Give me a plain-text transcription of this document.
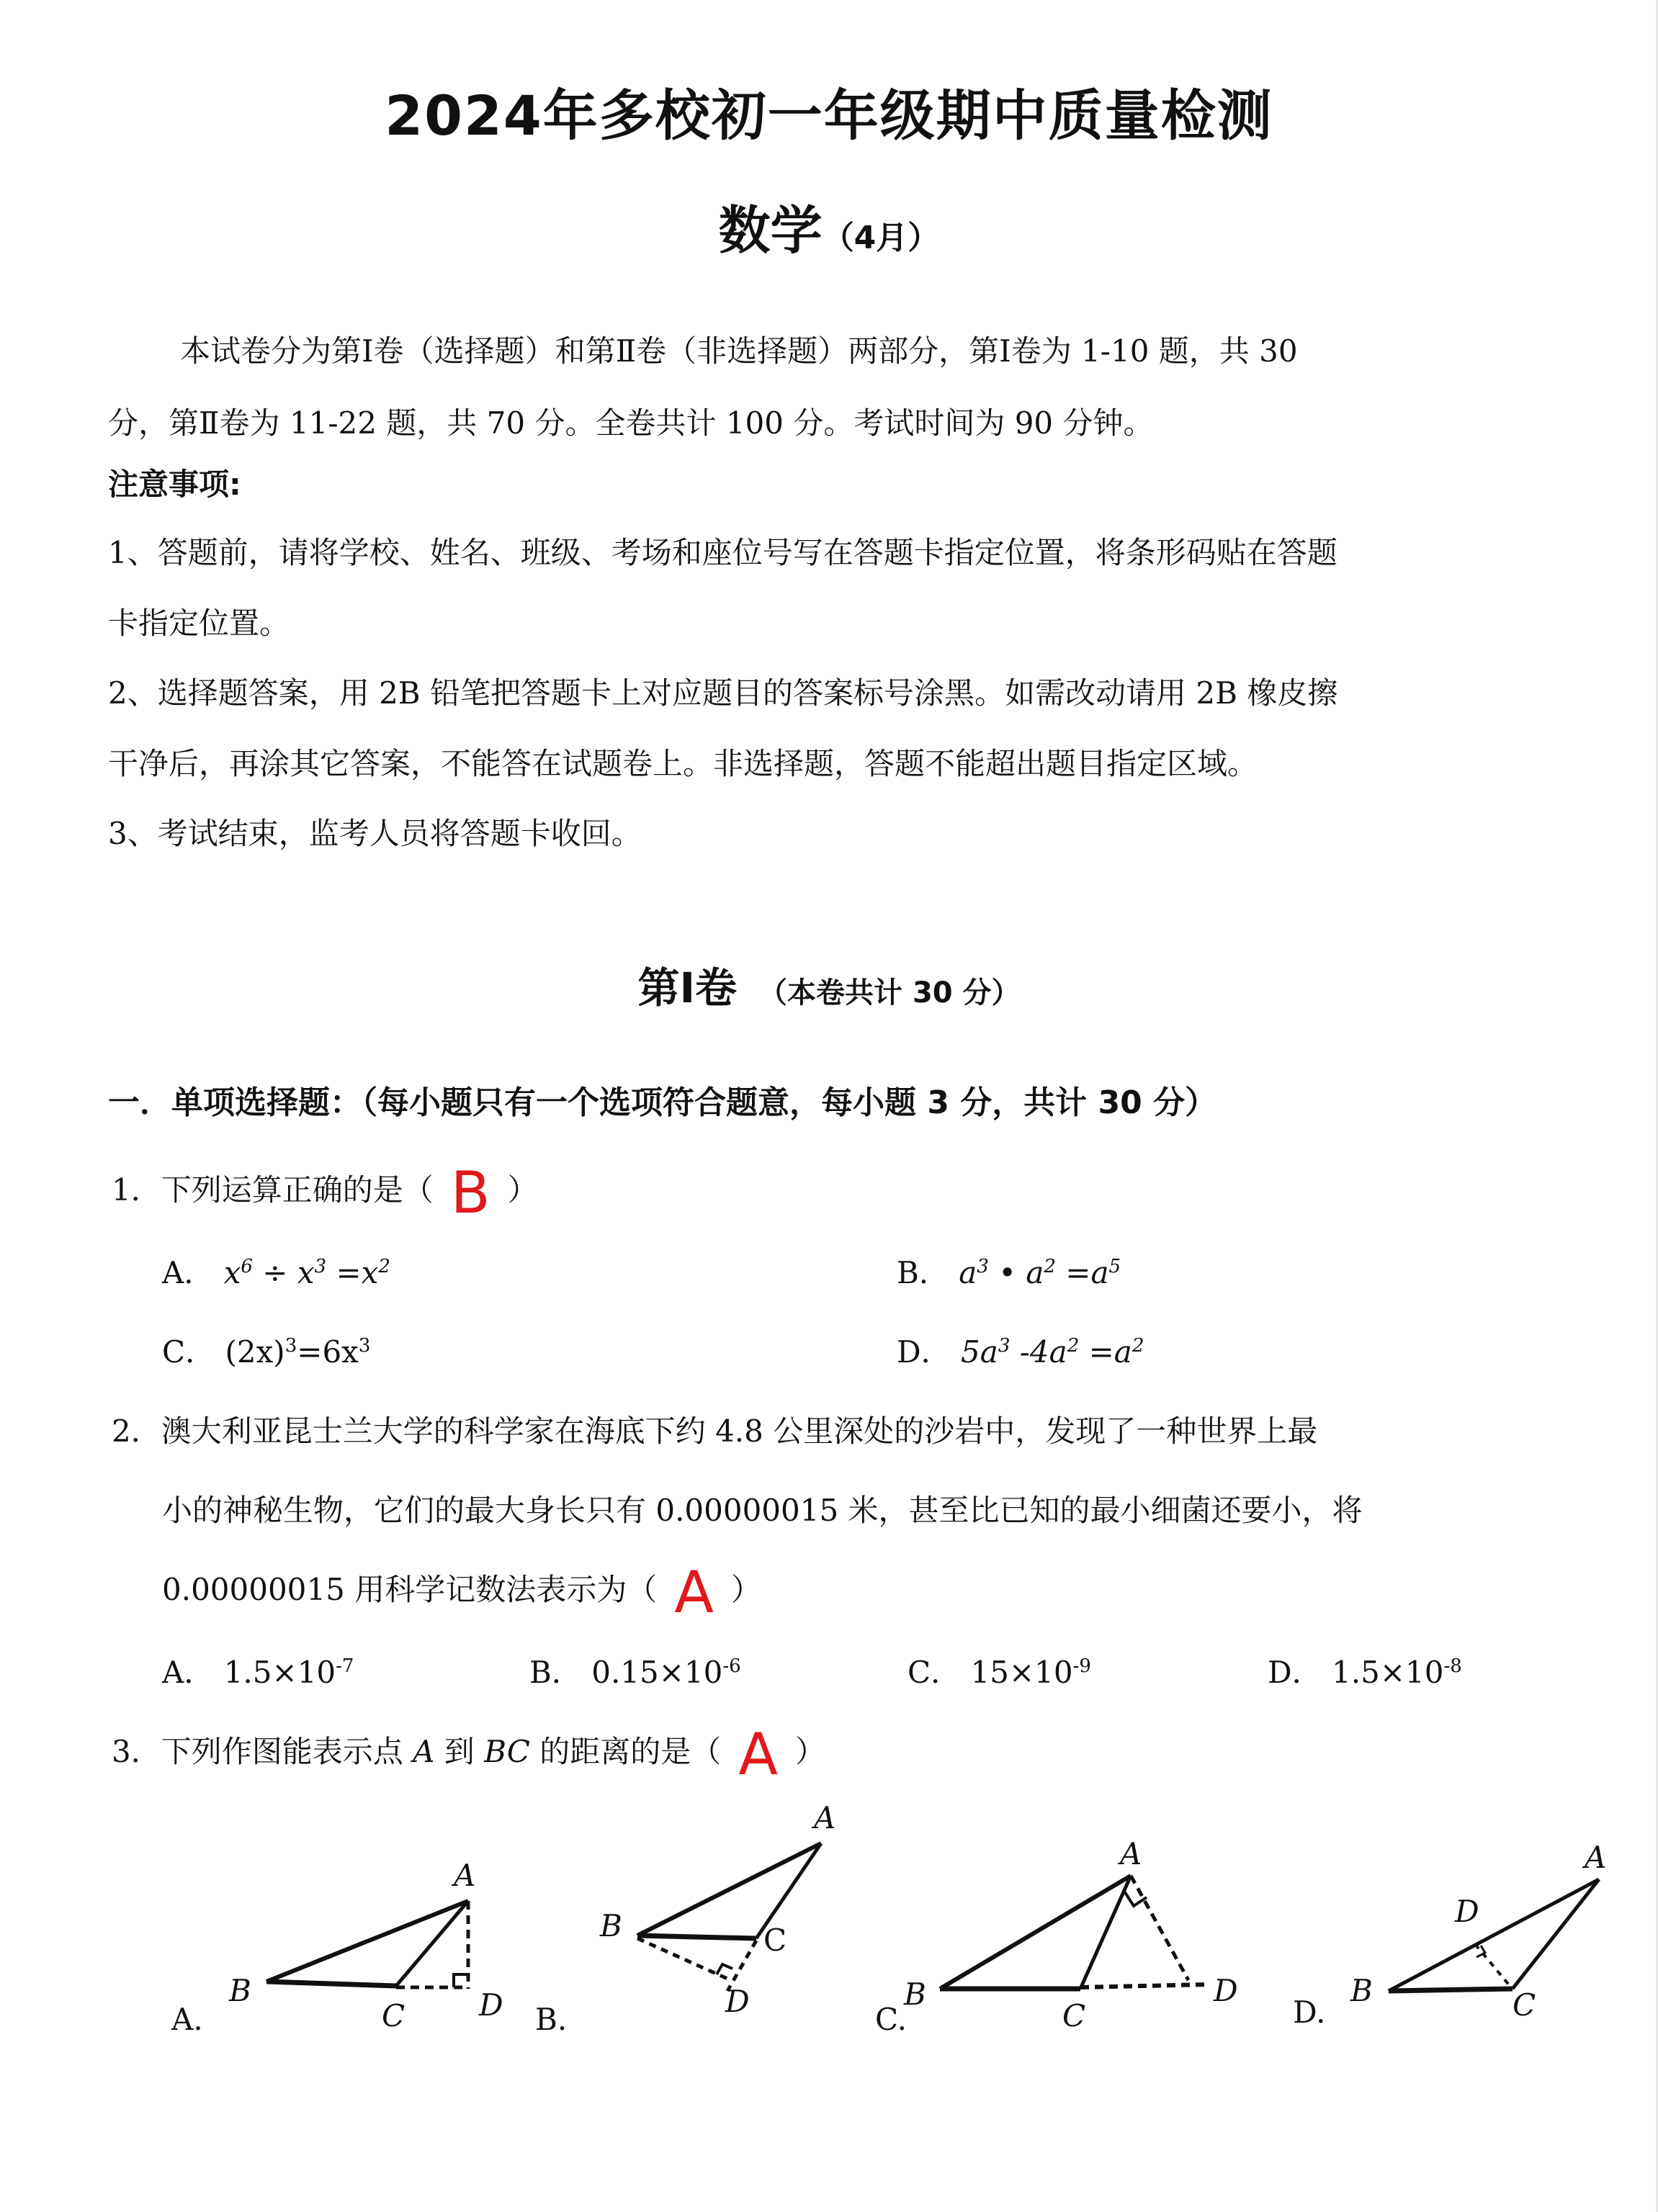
2024年多校初一年级期中质量检测
数学（4月）
本试卷分为第Ⅰ卷（选择题）和第Ⅱ卷（非选择题）两部分，第Ⅰ卷为 1-10 题，共 30
分，第Ⅱ卷为 11-22 题，共 70 分。全卷共计 100 分。考试时间为 90 分钟。
注意事项:
1、答题前，请将学校、姓名、班级、考场和座位号写在答题卡指定位置，将条形码贴在答题
卡指定位置。
2、选择题答案，用 2B 铅笔把答题卡上对应题目的答案标号涂黑。如需改动请用 2B 橡皮擦
干净后，再涂其它答案，不能答在试题卷上。非选择题，答题不能超出题目指定区域。
3、考试结束，监考人员将答题卡收回。
第Ⅰ卷 （本卷共计 30 分）
一．单项选择题：（每小题只有一个选项符合题意，每小题 3 分，共计 30 分）
1．下列运算正确的是（ B ）
A． $x^6 \div x^3 =x^2$	B． $a^3$ • $a^2 =a^5$
C． $(2x)^3=6x^3$	D． $5a^3$ $-4a^2 =a^2$
2．澳大利亚昆士兰大学的科学家在海底下约 4.8 公里深处的沙岩中，发现了一种世界上最
小的神秘生物，它们的最大身长只有 0.00000015 米，甚至比已知的最小细菌还要小，将
0.00000015 用科学记数法表示为（ A ）
A． $1.5\times 10^{-7}$	B． $0.15\times 10^{-6}$	C． $15\times 10^{-9}$	D． $1.5\times 10^{-8}$
3．下列作图能表示点 A 到 BC 的距离的是（ A ）
A
B
C D
A.
A
B	C
D
B.
A
B
C
D
C.
A
B	C
D
D.
